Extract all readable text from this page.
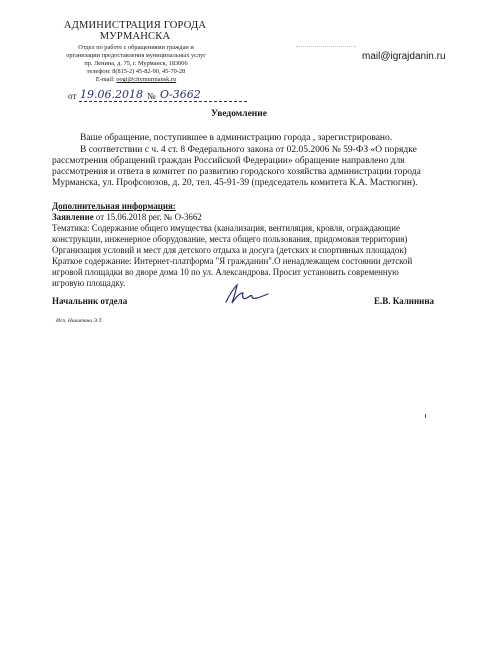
АДМИНИСТРАЦИЯ ГОРОДА
МУРМАНСКА
Отдел по работе с обращениями граждан и
организации предоставления муниципальных услуг
пр. Ленина, д. 75, г. Мурманск, 183006
телефон: 8(815-2) 45-82-90, 45-70-28
E-mail: oogi@citymurmansk.ru
от 19.06.2018 № О-3662
mail@igrajdanin.ru
Уведомление
Ваше обращение, поступившее в администрацию города , зарегистрировано.
В соответствии с ч. 4 ст. 8 Федерального закона от 02.05.2006 № 59-ФЗ «О порядке
рассмотрения обращений граждан Российской Федерации» обращение направлено для
рассмотрения и ответа в комитет по развитию городского хозяйства администрации города
Мурманска, ул. Профсоюзов, д. 20, тел. 45-91-39 (председатель комитета К.А. Мастюгин).
Дополнительная информация:
Заявление от 15.06.2018 рег. № О-3662
Тематика: Содержание общего имущества (канализация, вентиляция, кровля, ограждающие
конструкции, инженерное оборудование, места общего пользования, придомовая территория)
Организация условий и мест для детского отдыха и досуга (детских и спортивных площадок)
Краткое содержание: Интернет-платформа "Я гражданин".О ненадлежащем состоянии детской
игровой площадки во дворе дома 10 по ул. Александрова. Просит установить современную
игровую площадку.
Начальник отдела	Е.В. Калинина
Исп. Никитина Э.Т.
